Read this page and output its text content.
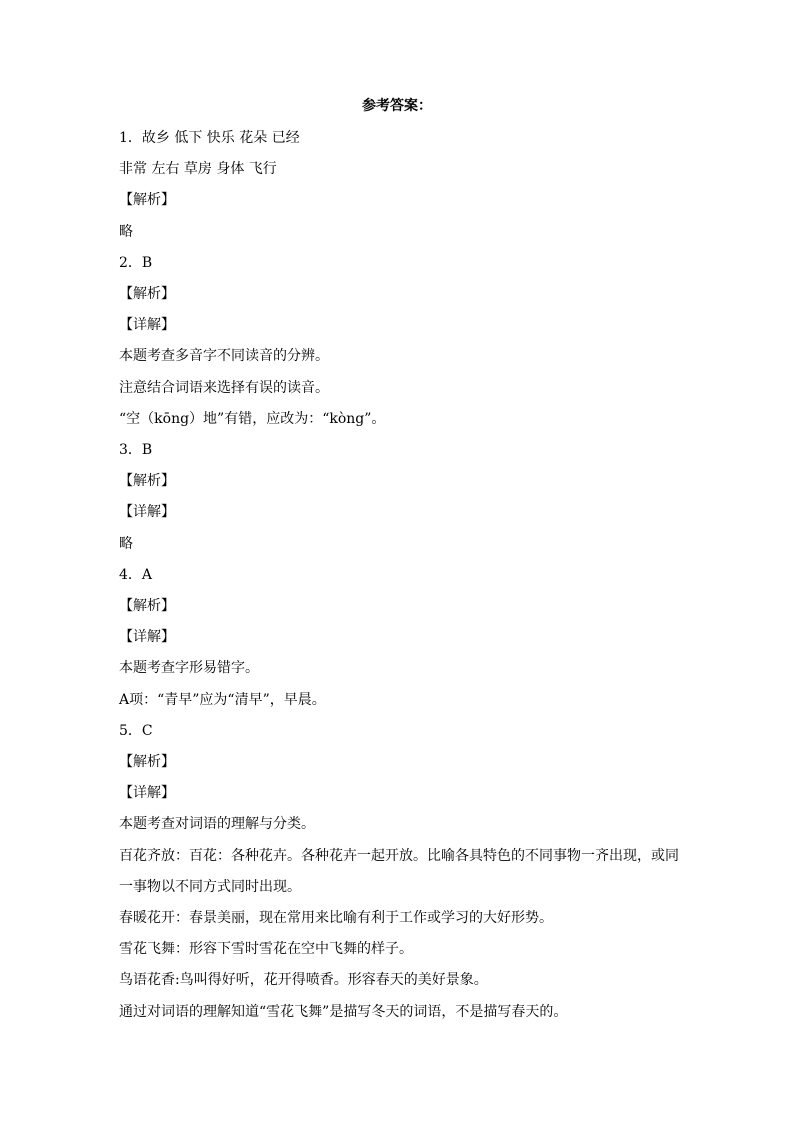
参考答案：
1．故乡 低下 快乐 花朵 已经
非常 左右 草房 身体 飞行
【解析】
略
2．B
【解析】
【详解】
本题考查多音字不同读音的分辨。
注意结合词语来选择有误的读音。
“空（kōng）地”有错，应改为：“kòng”。
3．B
【解析】
【详解】
略
4．A
【解析】
【详解】
本题考查字形易错字。
A项：“青早”应为“清早”，早晨。
5．C
【解析】
【详解】
本题考查对词语的理解与分类。
百花齐放：百花：各种花卉。各种花卉一起开放。比喻各具特色的不同事物一齐出现，或同
一事物以不同方式同时出现。
春暖花开：春景美丽，现在常用来比喻有利于工作或学习的大好形势。
雪花飞舞：形容下雪时雪花在空中飞舞的样子。
鸟语花香:鸟叫得好听，花开得喷香。形容春天的美好景象。
通过对词语的理解知道“雪花飞舞”是描写冬天的词语，不是描写春天的。
